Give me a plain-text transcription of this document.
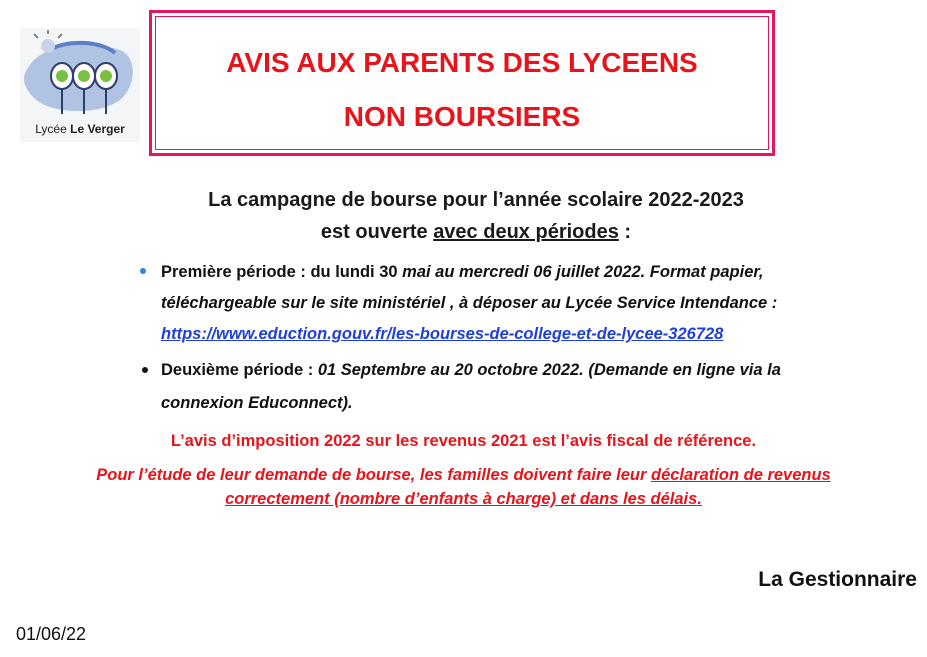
Lycée Le Verger
AVIS AUX PARENTS DES LYCEENS
NON BOURSIERS
La campagne de bourse pour l’année scolaire 2022-2023
est ouverte avec deux périodes :
Première période : du lundi 30 mai au mercredi 06 juillet 2022. Format papier,
téléchargeable sur le site ministériel , à déposer au Lycée Service Intendance :
https://www.eduction.gouv.fr/les-bourses-de-college-et-de-lycee-326728
Deuxième période : 01 Septembre au 20 octobre 2022. (Demande en ligne via la
connexion Educonnect).
L’avis d’imposition 2022 sur les revenus 2021 est l’avis fiscal de référence.
Pour l’étude de leur demande de bourse, les familles doivent faire leur déclaration de revenus
correctement (nombre d’enfants à charge) et dans les délais.
La Gestionnaire
01/06/22
